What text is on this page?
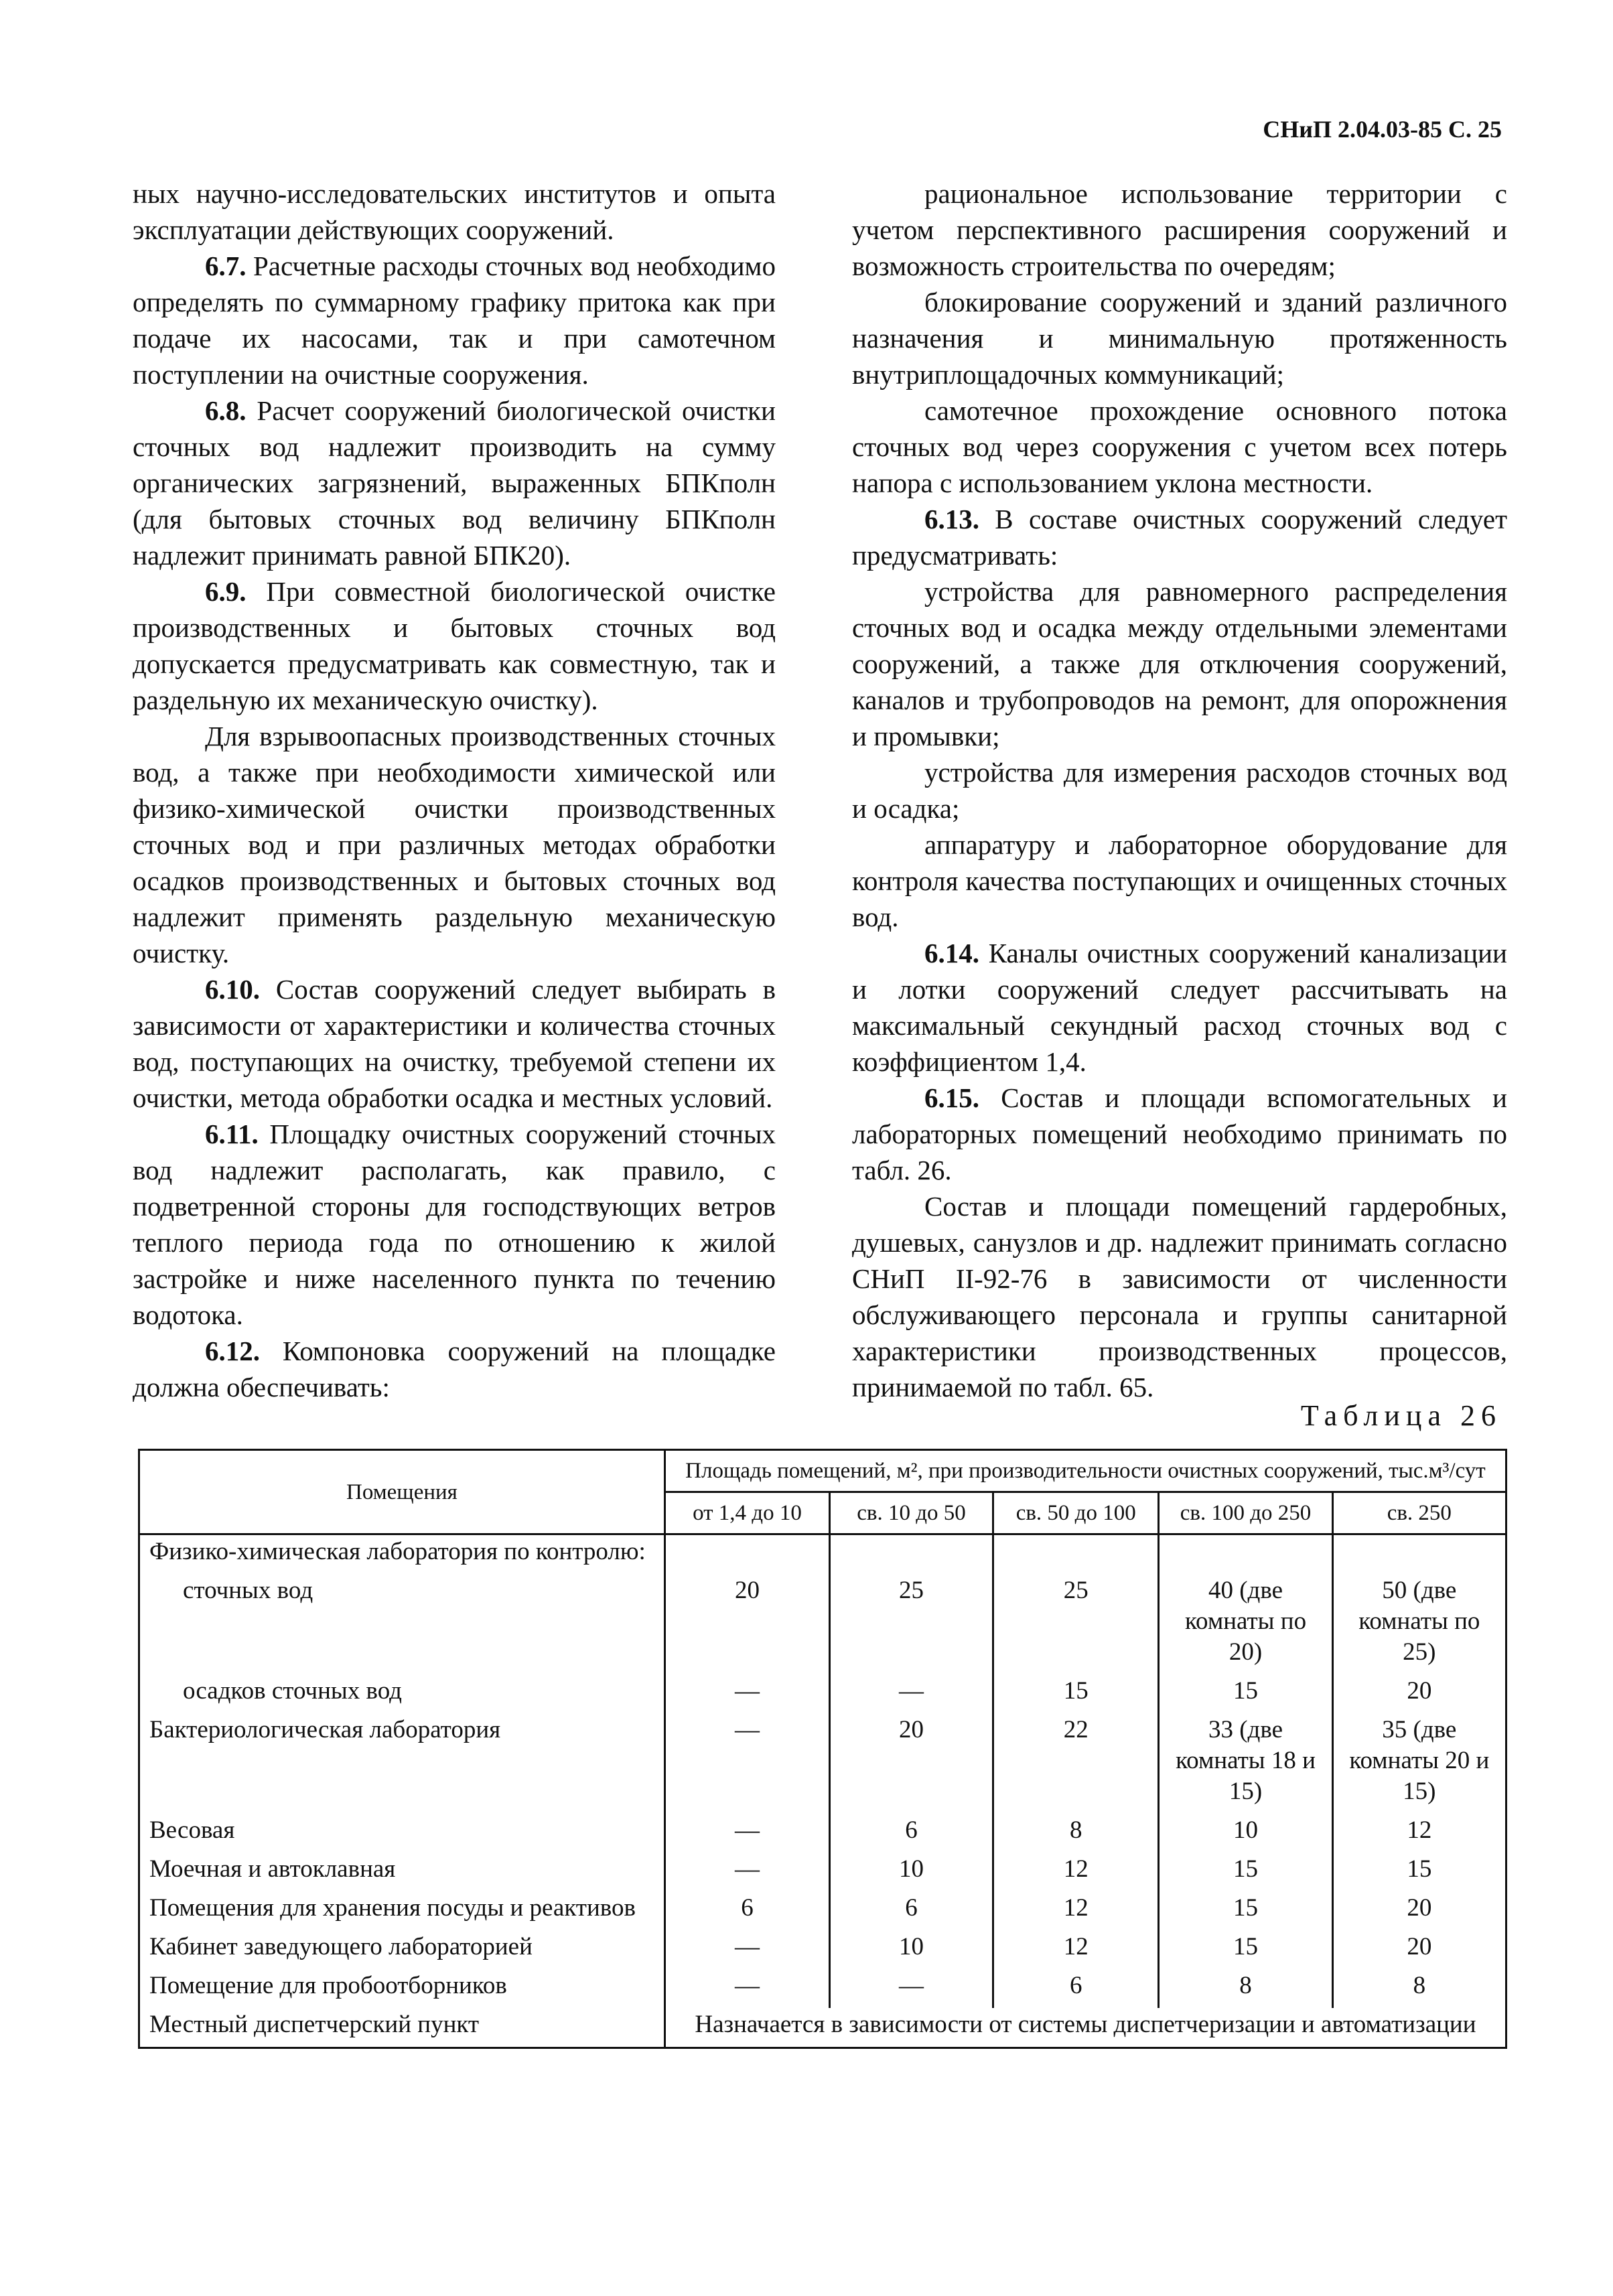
СНиП 2.04.03-85 С. 25

ных научно-исследовательских институтов и опыта эксплуатации действующих сооружений.

6.7. Расчетные расходы сточных вод необходимо определять по суммарному графику притока как при подаче их насосами, так и при самотечном поступлении на очистные сооружения.

6.8. Расчет сооружений биологической очистки сточных вод надлежит производить на сумму органических загрязнений, выраженных БПКполн (для бытовых сточных вод величину БПКполн надлежит принимать равной БПК20).

6.9. При совместной биологической очистке производственных и бытовых сточных вод допускается предусматривать как совместную, так и раздельную их механическую очистку).

Для взрывоопасных производственных сточных вод, а также при необходимости химической или физико-химической очистки производственных сточных вод и при различных методах обработки осадков производственных и бытовых сточных вод надлежит применять раздельную механическую очистку.

6.10. Состав сооружений следует выбирать в зависимости от характеристики и количества сточных вод, поступающих на очистку, требуемой степени их очистки, метода обработки осадка и местных условий.

6.11. Площадку очистных сооружений сточных вод надлежит располагать, как правило, с подветренной стороны для господствующих ветров теплого периода года по отношению к жилой застройке и ниже населенного пункта по течению водотока.

6.12. Компоновка сооружений на площадке должна обеспечивать:

рациональное использование территории с учетом перспективного расширения сооружений и возможность строительства по очередям;

блокирование сооружений и зданий различного назначения и минимальную протяженность внутриплощадочных коммуникаций;

самотечное прохождение основного потока сточных вод через сооружения с учетом всех потерь напора с использованием уклона местности.

6.13. В составе очистных сооружений следует предусматривать:

устройства для равномерного распределения сточных вод и осадка между отдельными элементами сооружений, а также для отключения сооружений, каналов и трубопроводов на ремонт, для опорожнения и промывки;

устройства для измерения расходов сточных вод и осадка;

аппаратуру и лабораторное оборудование для контроля качества поступающих и очищенных сточных вод.

6.14. Каналы очистных сооружений канализации и лотки сооружений следует рассчитывать на максимальный секундный расход сточных вод с коэффициентом 1,4.

6.15. Состав и площади вспомогательных и лабораторных помещений необходимо принимать по табл. 26.

Состав и площади помещений гардеробных, душевых, санузлов и др. надлежит принимать согласно СНиП II-92-76 в зависимости от численности обслуживающего персонала и группы санитарной характеристики производственных процессов, принимаемой по табл. 65.

Таблица 26
Помещения	Площадь помещений, м², при производительности очистных сооружений, тыс.м³/сут				
	от 1,4 до 10	св. 10 до 50	св. 50 до 100	св. 100 до 250	св. 250
Физико-химическая лаборатория по контролю:					
сточных вод	20	25	25	40 (две комнаты по 20)	50 (две комнаты по 25)
осадков сточных вод	—	—	15	15	20
Бактериологическая лаборатория	—	20	22	33 (две комнаты 18 и 15)	35 (две комнаты 20 и 15)
Весовая	—	6	8	10	12
Моечная и автоклавная	—	10	12	15	15
Помещения для хранения посуды и реактивов	6	6	12	15	20
Кабинет заведующего лабораторией	—	10	12	15	20
Помещение для пробоотборников	—	—	6	8	8
Местный диспетчерский пункт	Назначается в зависимости от системы диспетчеризации и автоматизации				
